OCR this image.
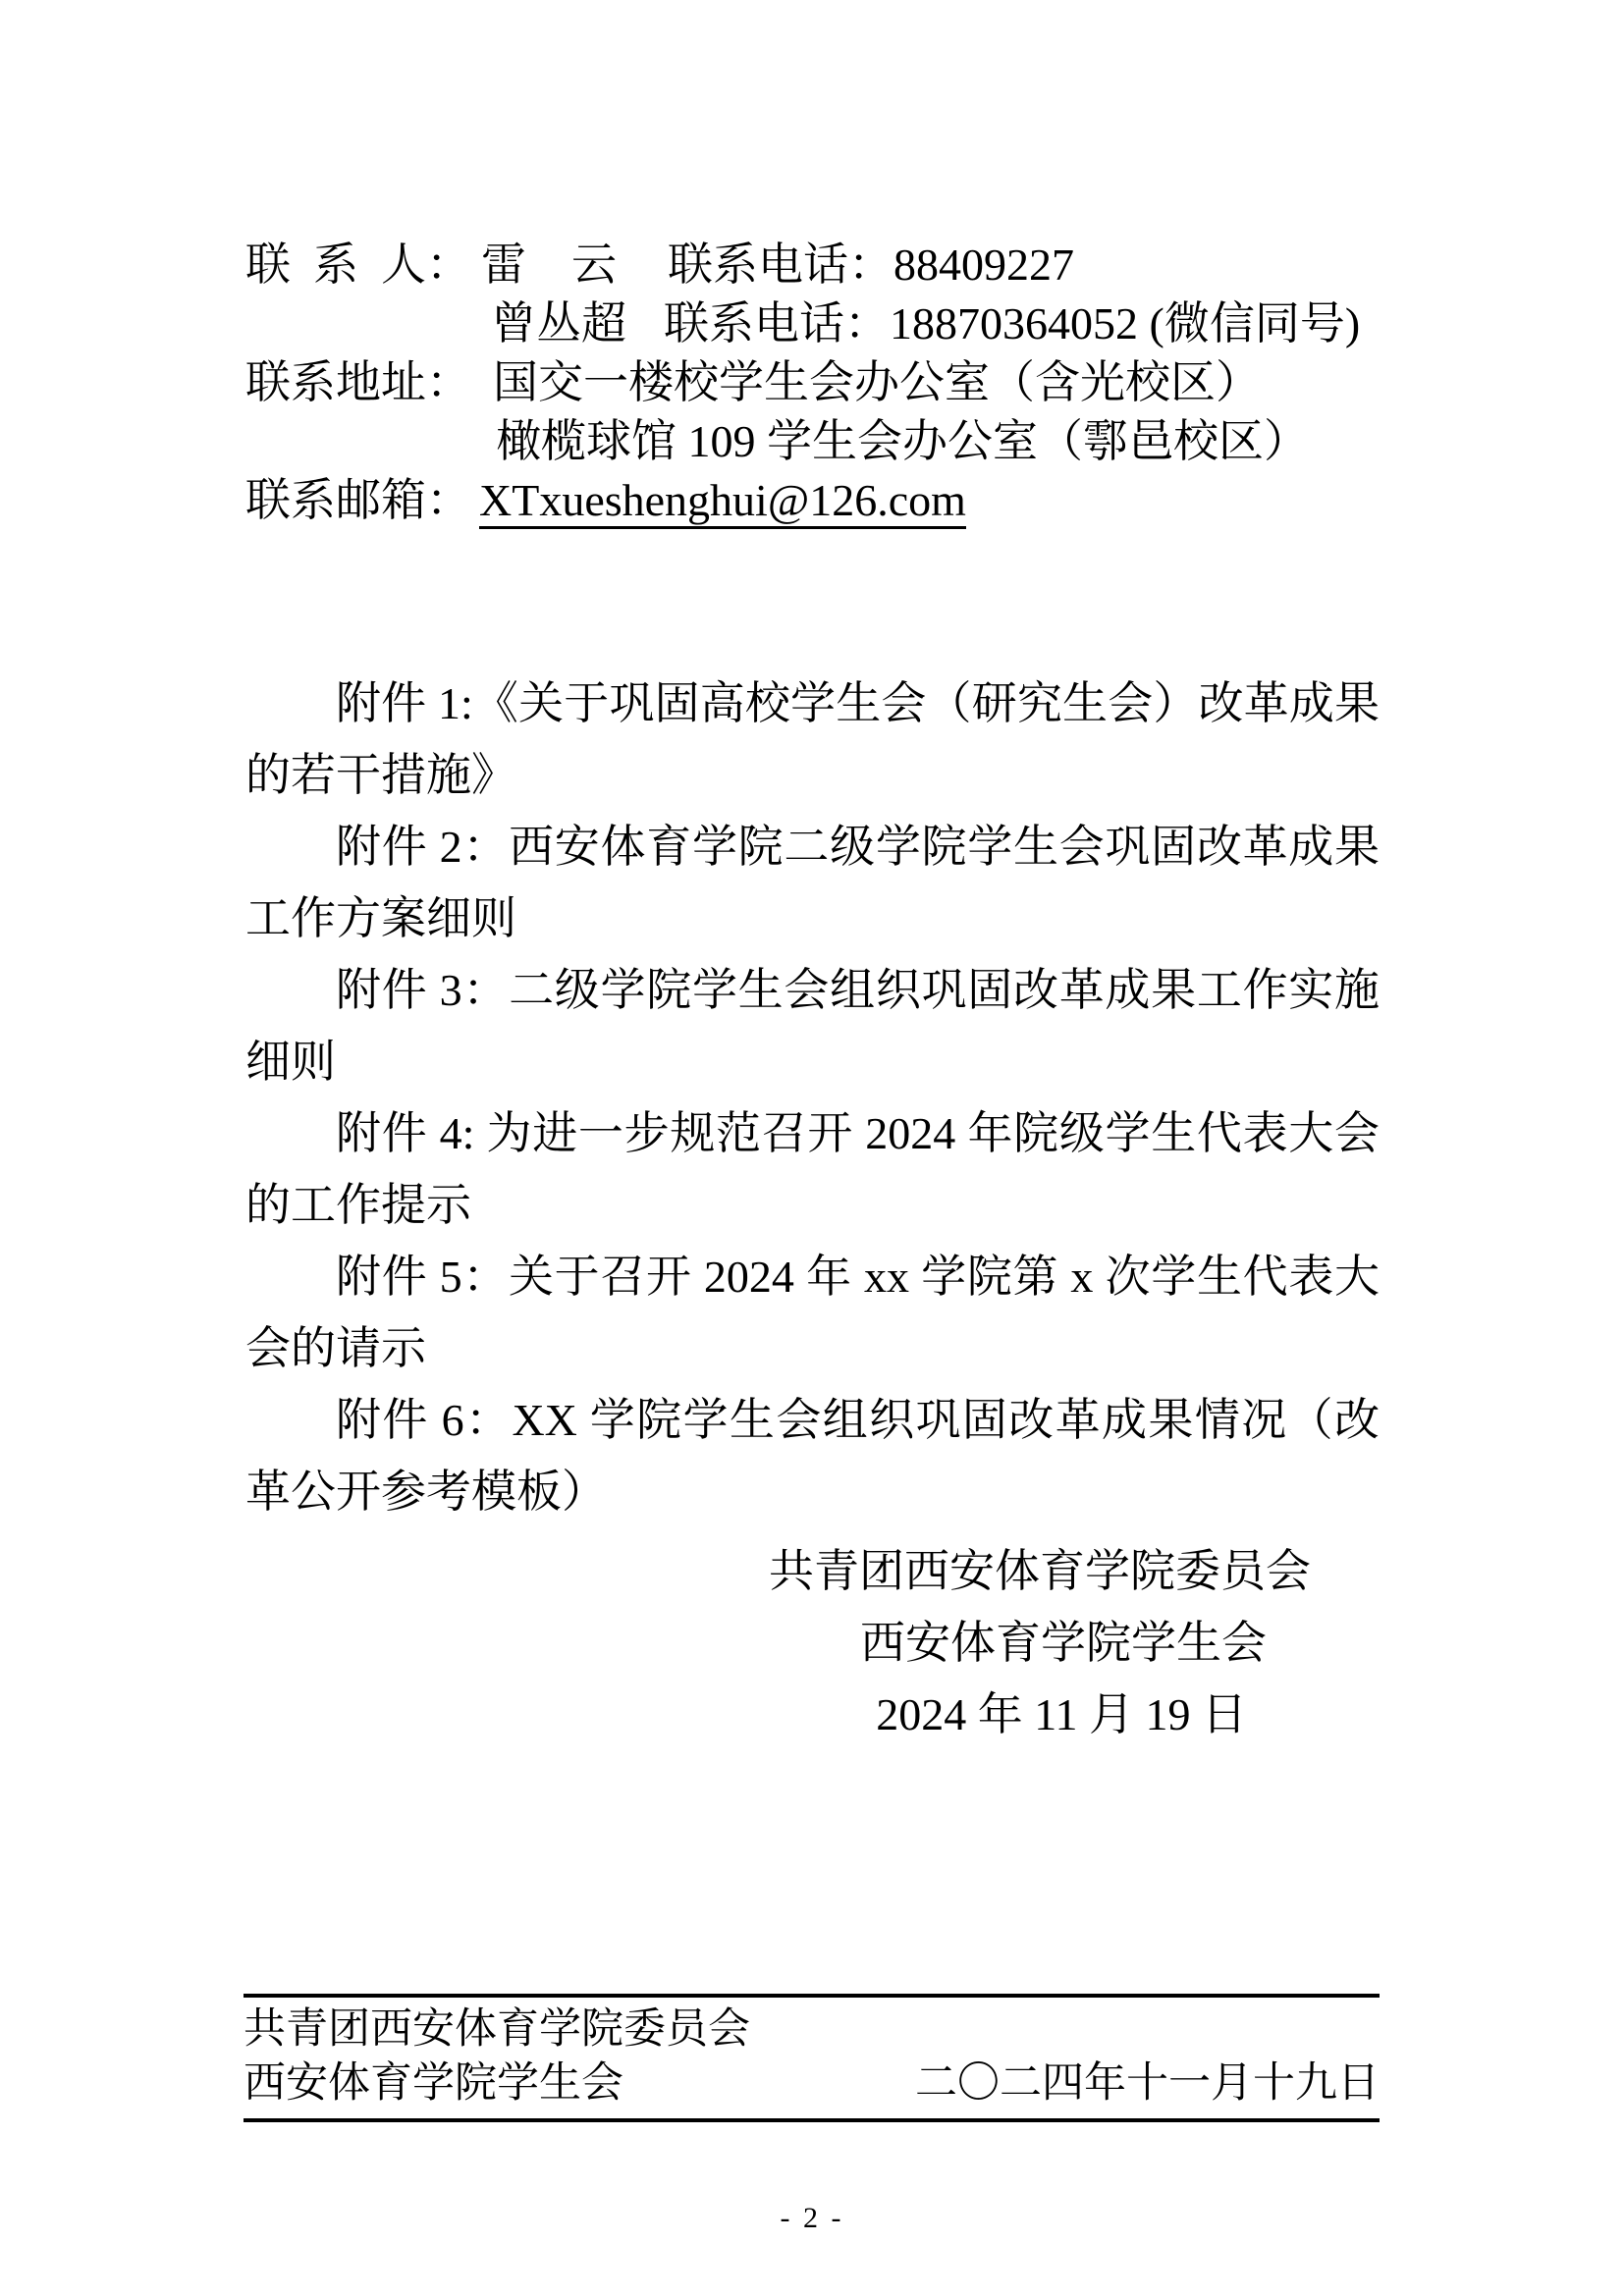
联 系 人： 雷　云 联系电话：88409227

曾丛超 联系电话：18870364052 (微信同号)

联系地址： 国交一楼校学生会办公室（含光校区）

橄榄球馆 109 学生会办公室（鄠邑校区）

联系邮箱： XTxueshenghui@126.com

附件 1:《关于巩固高校学生会（研究生会）改革成果的若干措施》

附件 2：西安体育学院二级学院学生会巩固改革成果工作方案细则

附件 3：二级学院学生会组织巩固改革成果工作实施细则

附件 4: 为进一步规范召开 2024 年院级学生代表大会的工作提示

附件 5：关于召开 2024 年 xx 学院第 x 次学生代表大会的请示

附件 6：XX 学院学生会组织巩固改革成果情况（改革公开参考模板）

共青团西安体育学院委员会

西安体育学院学生会

2024 年 11 月 19 日

共青团西安体育学院委员会
西安体育学院学生会	二〇二四年十一月十九日
- 2 -
